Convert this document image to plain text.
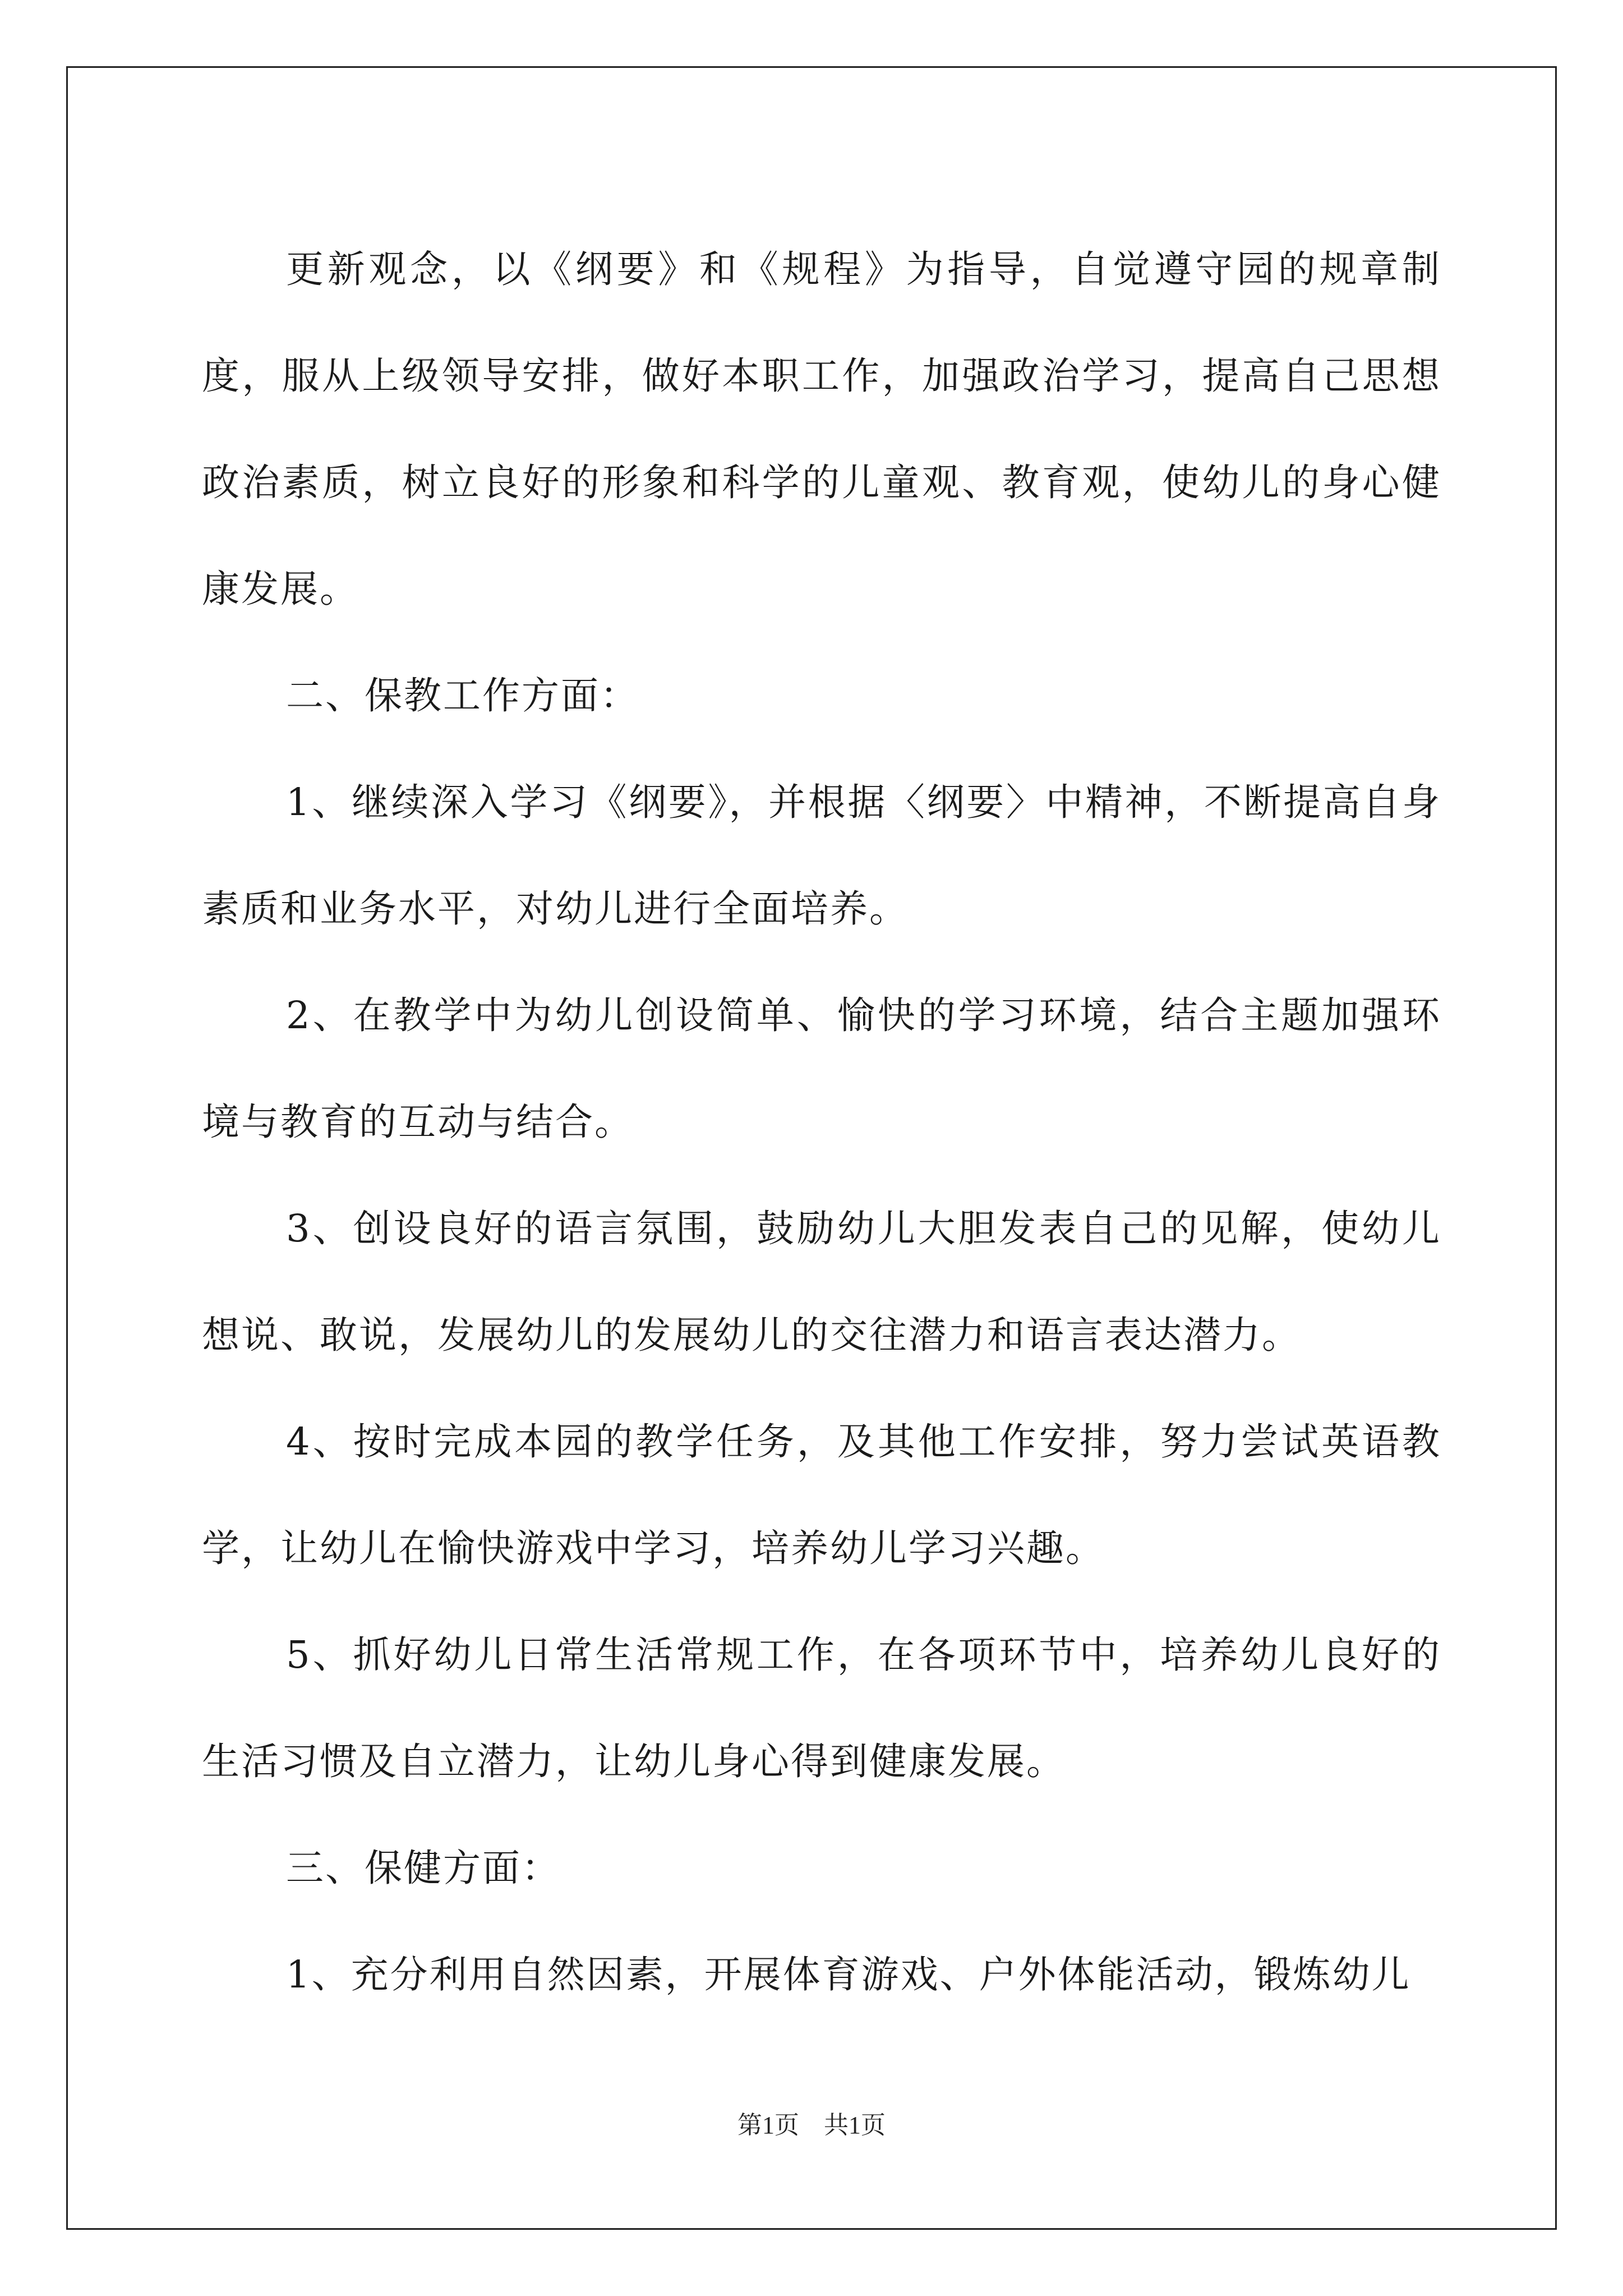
更新观念，以《纲要》和《规程》为指导，自觉遵守园的规章制度，服从上级领导安排，做好本职工作，加强政治学习，提高自己思想政治素质，树立良好的形象和科学的儿童观、教育观，使幼儿的身心健康发展。

二、保教工作方面：

1、继续深入学习《纲要》，并根据〈纲要〉中精神，不断提高自身素质和业务水平，对幼儿进行全面培养。

2、在教学中为幼儿创设简单、愉快的学习环境，结合主题加强环境与教育的互动与结合。

3、创设良好的语言氛围，鼓励幼儿大胆发表自己的见解，使幼儿想说、敢说，发展幼儿的发展幼儿的交往潜力和语言表达潜力。

4、按时完成本园的教学任务，及其他工作安排，努力尝试英语教学，让幼儿在愉快游戏中学习，培养幼儿学习兴趣。

5、抓好幼儿日常生活常规工作，在各项环节中，培养幼儿良好的生活习惯及自立潜力，让幼儿身心得到健康发展。

三、保健方面：

1、充分利用自然因素，开展体育游戏、户外体能活动，锻炼幼儿

第1页　共1页
